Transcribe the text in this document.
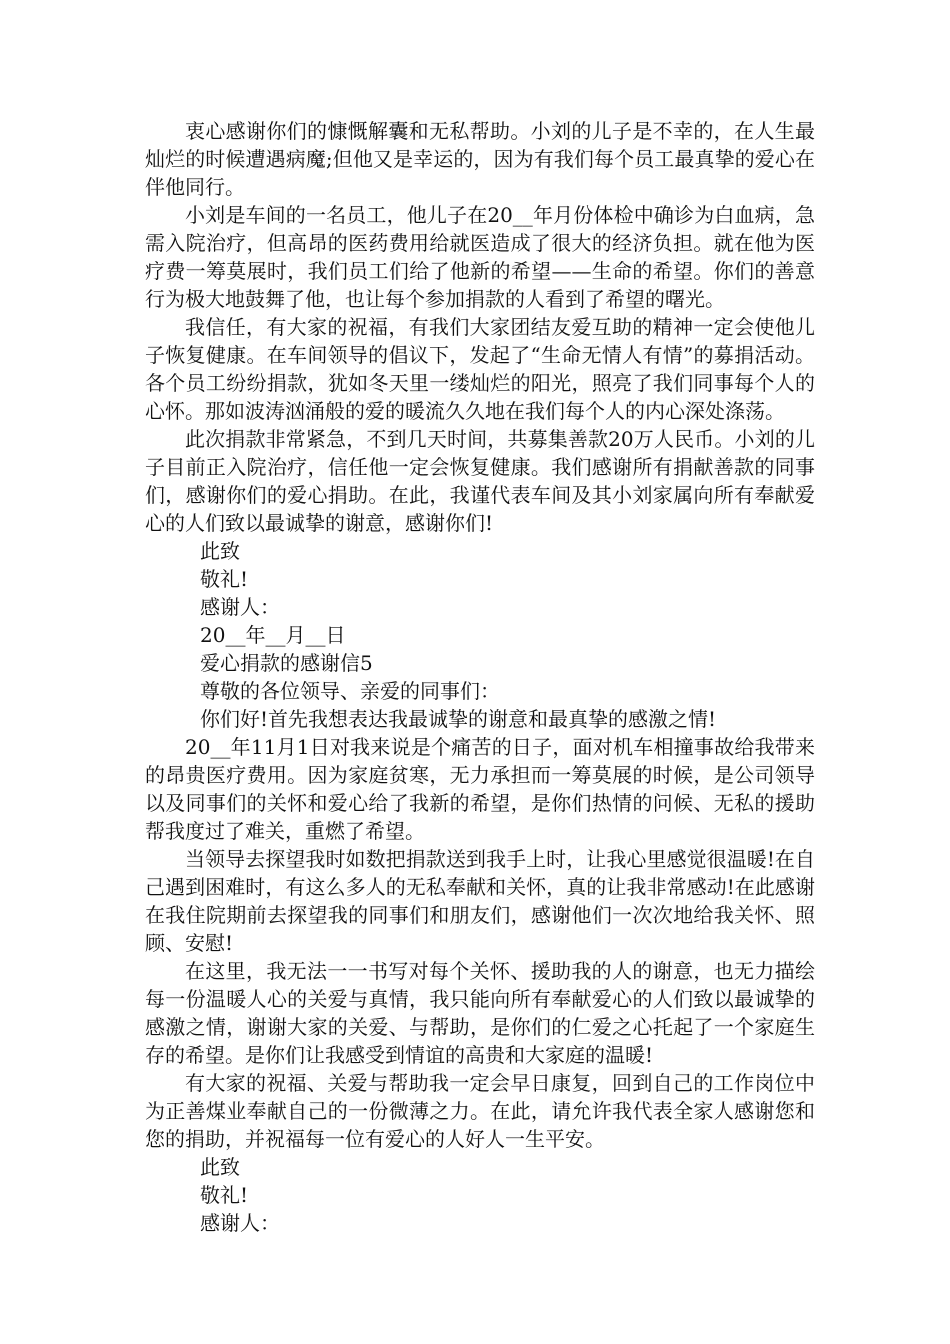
衷心感谢你们的慷慨解囊和无私帮助。小刘的儿子是不幸的，在人生最灿烂的时候遭遇病魔;但他又是幸运的，因为有我们每个员工最真挚的爱心在伴他同行。

小刘是车间的一名员工，他儿子在20__年月份体检中确诊为白血病，急需入院治疗，但高昂的医药费用给就医造成了很大的经济负担。就在他为医疗费一筹莫展时，我们员工们给了他新的希望——生命的希望。你们的善意行为极大地鼓舞了他，也让每个参加捐款的人看到了希望的曙光。

我信任，有大家的祝福，有我们大家团结友爱互助的精神一定会使他儿子恢复健康。在车间领导的倡议下，发起了“生命无情人有情”的募捐活动。各个员工纷纷捐款，犹如冬天里一缕灿烂的阳光，照亮了我们同事每个人的心怀。那如波涛汹涌般的爱的暖流久久地在我们每个人的内心深处涤荡。

此次捐款非常紧急，不到几天时间，共募集善款20万人民币。小刘的儿子目前正入院治疗，信任他一定会恢复健康。我们感谢所有捐献善款的同事们，感谢你们的爱心捐助。在此，我谨代表车间及其小刘家属向所有奉献爱心的人们致以最诚挚的谢意，感谢你们!

此致

敬礼!

感谢人：

20__年__月__日

爱心捐款的感谢信5

尊敬的各位领导、亲爱的同事们：

你们好!首先我想表达我最诚挚的谢意和最真挚的感激之情!

20__年11月1日对我来说是个痛苦的日子，面对机车相撞事故给我带来的昂贵医疗费用。因为家庭贫寒，无力承担而一筹莫展的时候，是公司领导以及同事们的关怀和爱心给了我新的希望，是你们热情的问候、无私的援助帮我度过了难关，重燃了希望。

当领导去探望我时如数把捐款送到我手上时，让我心里感觉很温暖!在自己遇到困难时，有这么多人的无私奉献和关怀，真的让我非常感动!在此感谢在我住院期前去探望我的同事们和朋友们，感谢他们一次次地给我关怀、照顾、安慰!

在这里，我无法一一书写对每个关怀、援助我的人的谢意，也无力描绘每一份温暖人心的关爱与真情，我只能向所有奉献爱心的人们致以最诚挚的感激之情，谢谢大家的关爱、与帮助，是你们的仁爱之心托起了一个家庭生存的希望。是你们让我感受到情谊的高贵和大家庭的温暖!

有大家的祝福、关爱与帮助我一定会早日康复，回到自己的工作岗位中为正善煤业奉献自己的一份微薄之力。在此，请允许我代表全家人感谢您和您的捐助，并祝福每一位有爱心的人好人一生平安。

此致

敬礼!

感谢人：
